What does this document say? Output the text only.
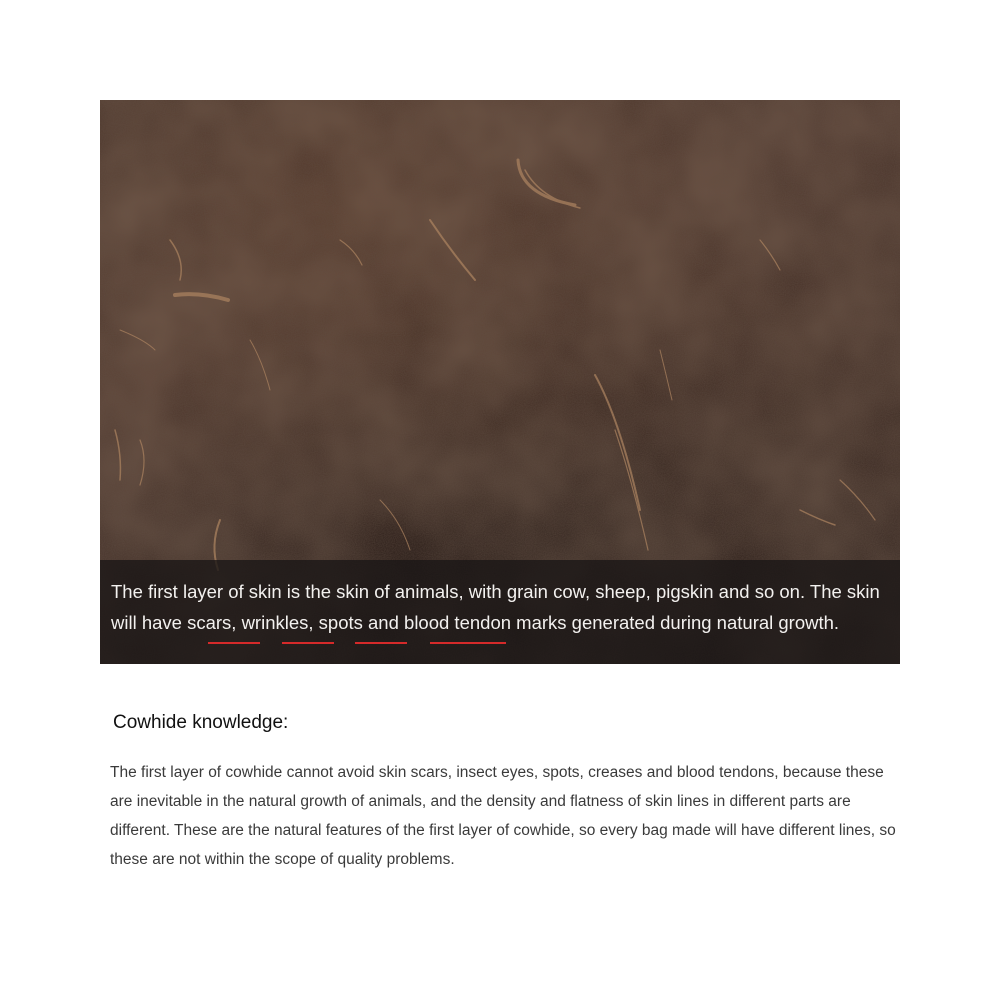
The first layer of skin is the skin of animals, with grain cow, sheep, pigskin and so on. The skin will have scars, wrinkles, spots and blood tendon marks generated during natural growth.

Cowhide knowledge:

The first layer of cowhide cannot avoid skin scars, insect eyes, spots, creases and blood tendons, because these are inevitable in the natural growth of animals, and the density and flatness of skin lines in different parts are different. These are the natural features of the first layer of cowhide, so every bag made will have different lines, so these are not within the scope of quality problems.
